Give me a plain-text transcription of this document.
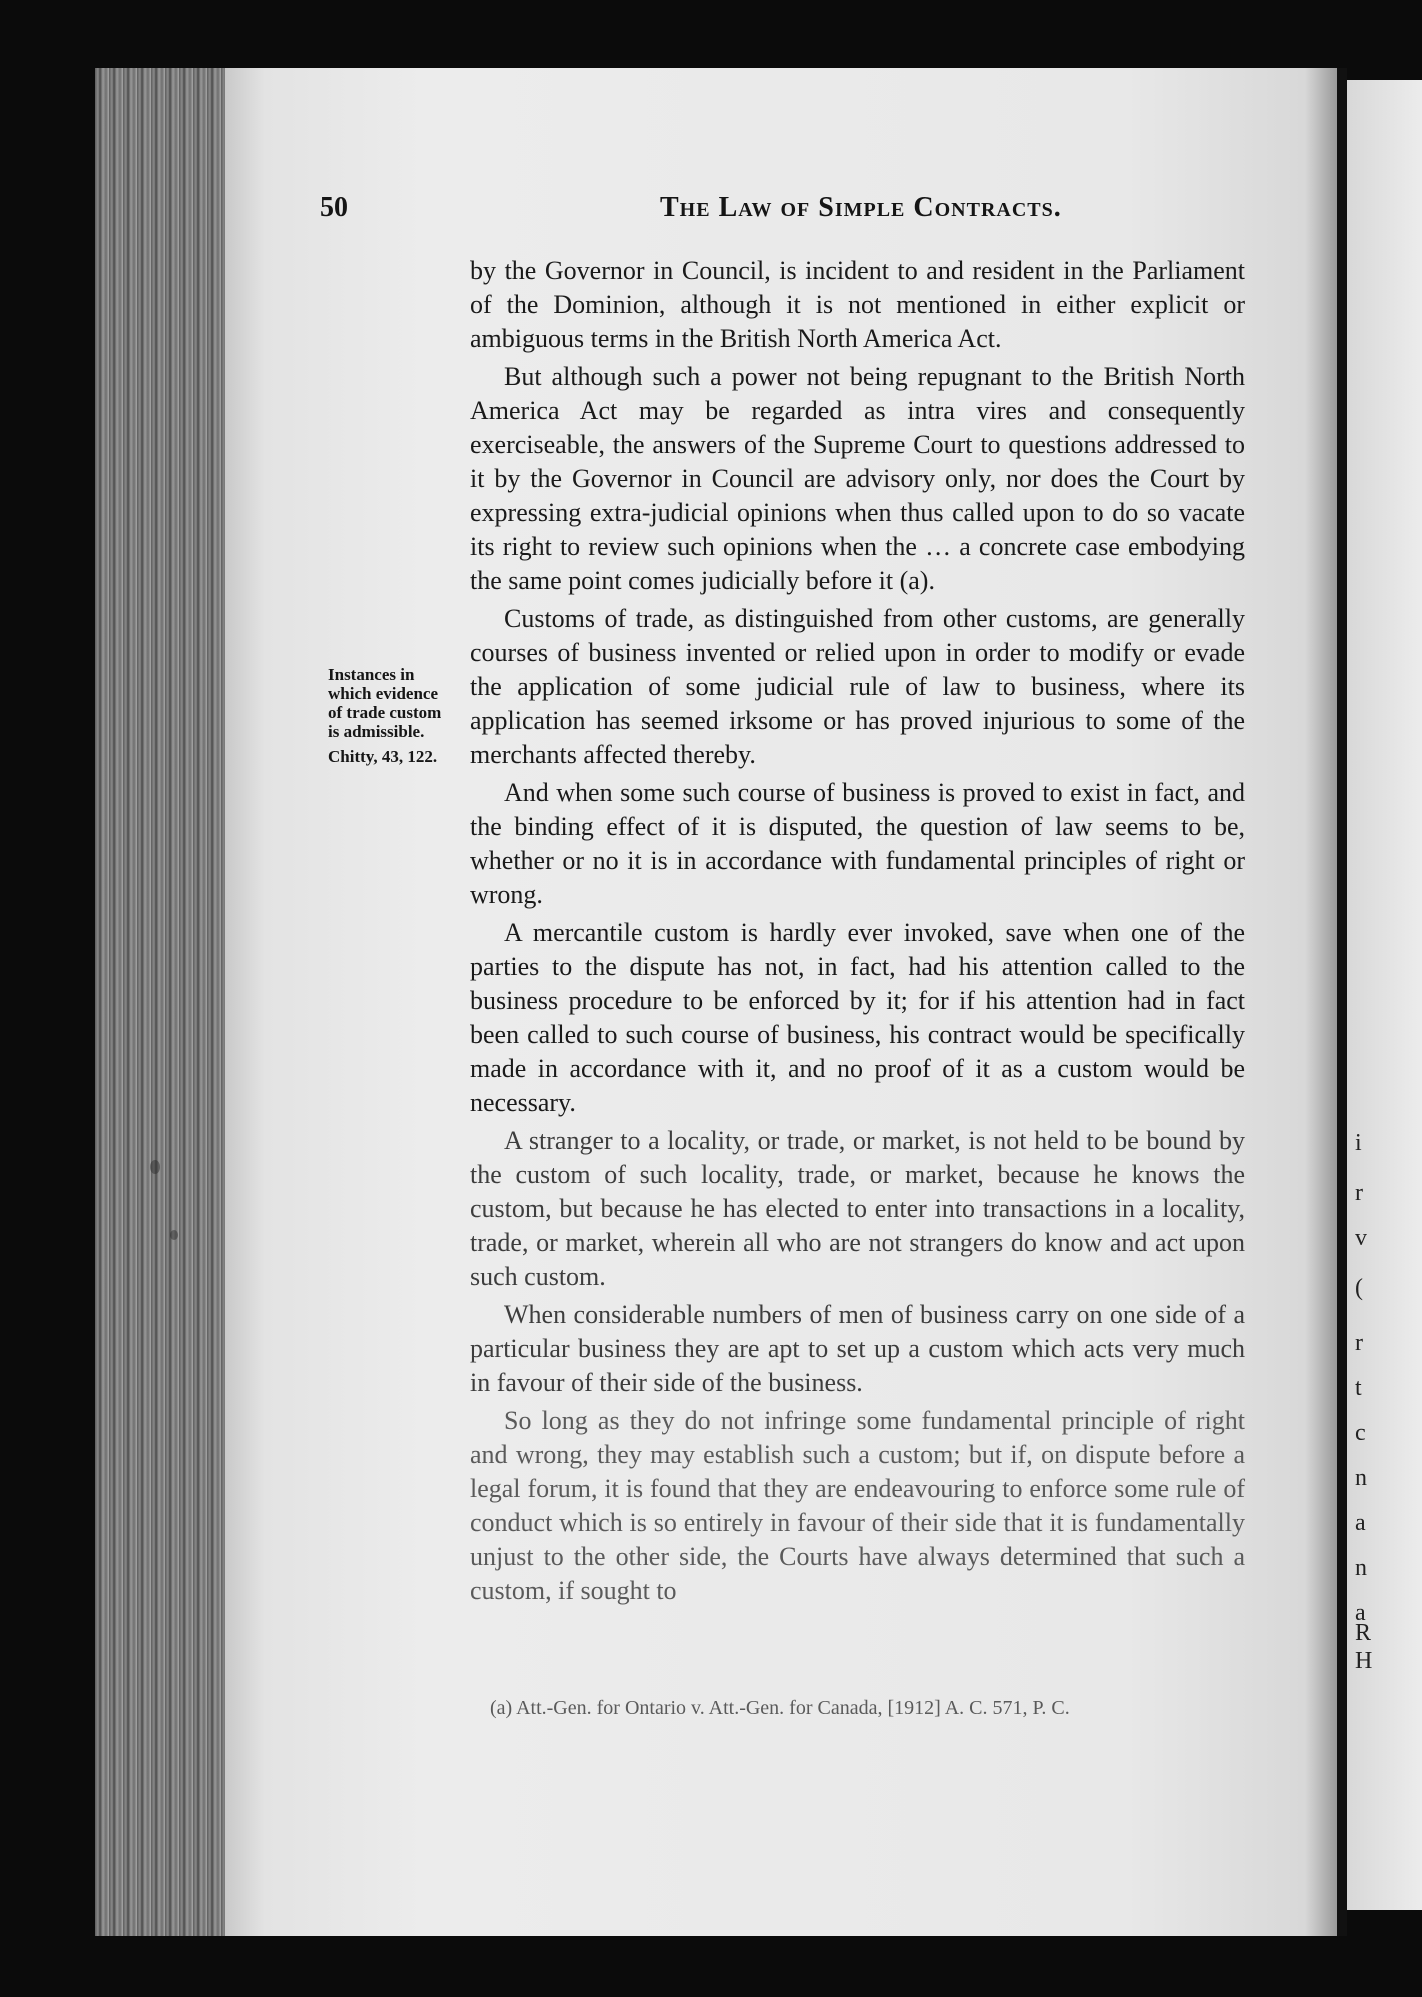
i
r
v
(
r
t
c
n
a
n
a
R
H
50	The Law of Simple Contracts.
Instances in which evidence of trade custom is admissible.
Chitty, 43, 122.

by the Governor in Council, is incident to and resident in the Parliament of the Dominion, although it is not mentioned in either explicit or ambiguous terms in the British North America Act.

But although such a power not being repugnant to the British North America Act may be regarded as intra vires and consequently exerciseable, the answers of the Supreme Court to questions addressed to it by the Governor in Council are advisory only, nor does the Court by expressing extra-judicial opinions when thus called upon to do so vacate its right to review such opinions when the … a concrete case embodying the same point comes judicially before it (a).

Customs of trade, as distinguished from other customs, are generally courses of business invented or relied upon in order to modify or evade the application of some judicial rule of law to business, where its application has seemed irksome or has proved injurious to some of the merchants affected thereby.

And when some such course of business is proved to exist in fact, and the binding effect of it is disputed, the question of law seems to be, whether or no it is in accordance with fundamental principles of right or wrong.

A mercantile custom is hardly ever invoked, save when one of the parties to the dispute has not, in fact, had his attention called to the business procedure to be enforced by it; for if his attention had in fact been called to such course of business, his contract would be specifically made in accordance with it, and no proof of it as a custom would be necessary.

A stranger to a locality, or trade, or market, is not held to be bound by the custom of such locality, trade, or market, because he knows the custom, but because he has elected to enter into transactions in a locality, trade, or market, wherein all who are not strangers do know and act upon such custom.

When considerable numbers of men of business carry on one side of a particular business they are apt to set up a custom which acts very much in favour of their side of the business.

So long as they do not infringe some fundamental principle of right and wrong, they may establish such a custom; but if, on dispute before a legal forum, it is found that they are endeavouring to enforce some rule of conduct which is so entirely in favour of their side that it is fundamentally unjust to the other side, the Courts have always determined that such a custom, if sought to

(a) Att.-Gen. for Ontario v. Att.-Gen. for Canada, [1912] A. C. 571, P. C.
